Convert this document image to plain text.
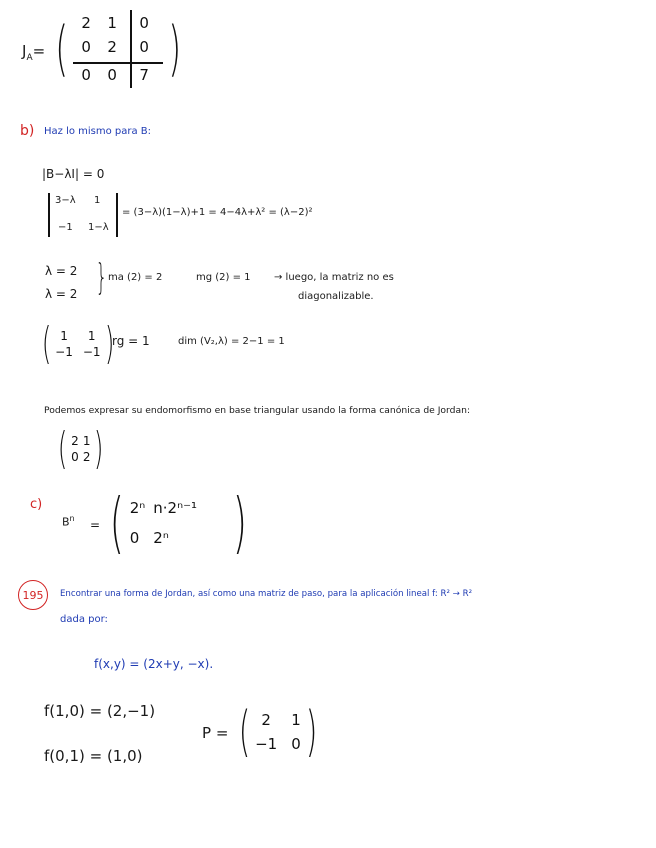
$J_A=$ ( 2 1 0
0 2 0
0 0 7 )
b) Haz lo mismo para B:
|B−λI| = 0
3−λ 1
−1 1−λ
= (3−λ)(1−λ)+1 = 4−4λ+λ² = (λ−2)²
λ = 2
λ = 2 } ma (2) = 2	mg (2) = 1 → luego, la matriz no es
diagonalizable.
( 1	1
−1 −1 )
rg = 1	dim (V₂,λ) = 2−1 = 1
Podemos expresar su endomorfismo en base triangular usando la forma canónica de Jordan:
( 2 1
0 2 )
c)
$B^n$ = ( 2ⁿ n·2ⁿ⁻¹
0 2ⁿ )
195 Encontrar una forma de Jordan, así como una matriz de paso, para la aplicación lineal f: R² → R²
dada por:
f(x,y) = (2x+y, −x).
f(1,0) = (2,−1)
f(0,1) = (1,0)
P = ( 2	1
−1 0 )
